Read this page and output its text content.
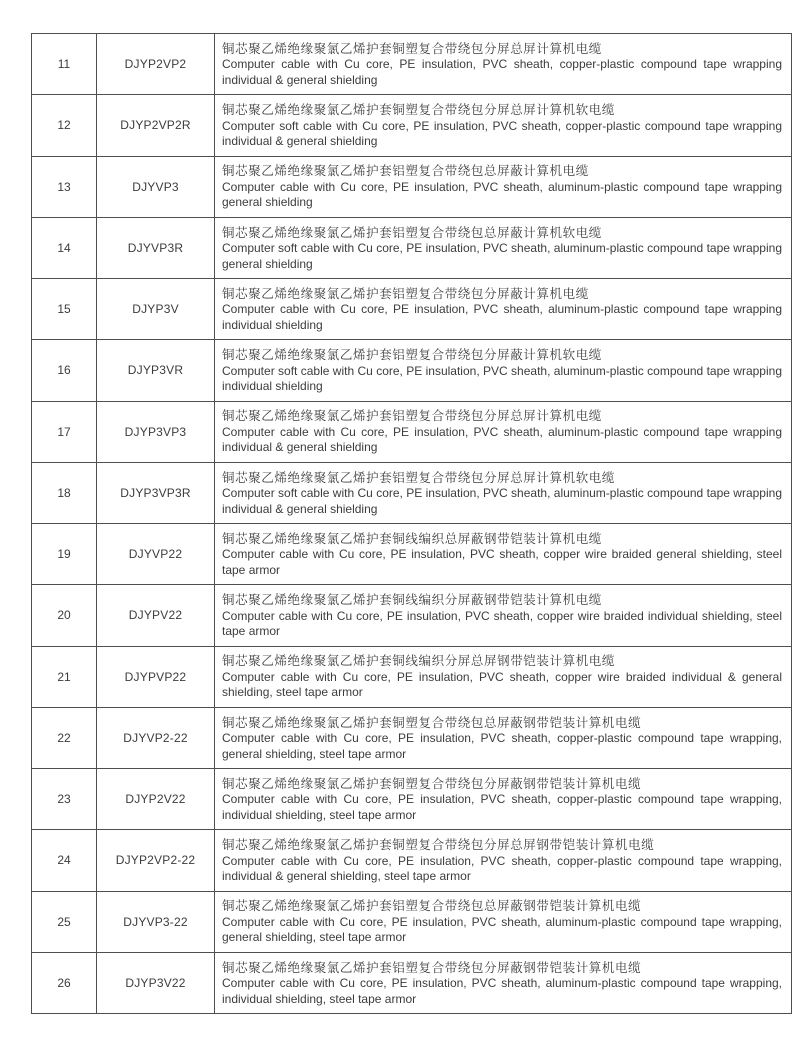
11	DJYP2VP2	铜芯聚乙烯绝缘聚氯乙烯护套铜塑复合带绕包分屏总屏计算机电缆
Computer cable with Cu core, PE insulation, PVC sheath, copper-plastic compound tape wrapping individual & general shielding

12	DJYP2VP2R	铜芯聚乙烯绝缘聚氯乙烯护套铜塑复合带绕包分屏总屏计算机软电缆
Computer soft cable with Cu core, PE insulation, PVC sheath, copper-plastic compound tape wrapping individual & general shielding

13	DJYVP3	铜芯聚乙烯绝缘聚氯乙烯护套铝塑复合带绕包总屏蔽计算机电缆
Computer cable with Cu core, PE insulation, PVC sheath, aluminum-plastic compound tape wrapping general shielding

14	DJYVP3R	铜芯聚乙烯绝缘聚氯乙烯护套铝塑复合带绕包总屏蔽计算机软电缆
Computer soft cable with Cu core, PE insulation, PVC sheath, aluminum-plastic compound tape wrapping general shielding

15	DJYP3V	铜芯聚乙烯绝缘聚氯乙烯护套铝塑复合带绕包分屏蔽计算机电缆
Computer cable with Cu core, PE insulation, PVC sheath, aluminum-plastic compound tape wrapping individual shielding

16	DJYP3VR	铜芯聚乙烯绝缘聚氯乙烯护套铝塑复合带绕包分屏蔽计算机软电缆
Computer soft cable with Cu core, PE insulation, PVC sheath, aluminum-plastic compound tape wrapping individual shielding

17	DJYP3VP3	铜芯聚乙烯绝缘聚氯乙烯护套铝塑复合带绕包分屏总屏计算机电缆
Computer cable with Cu core, PE insulation, PVC sheath, aluminum-plastic compound tape wrapping individual & general shielding

18	DJYP3VP3R	铜芯聚乙烯绝缘聚氯乙烯护套铝塑复合带绕包分屏总屏计算机软电缆
Computer soft cable with Cu core, PE insulation, PVC sheath, aluminum-plastic compound tape wrapping individual & general shielding

19	DJYVP22	铜芯聚乙烯绝缘聚氯乙烯护套铜线编织总屏蔽钢带铠装计算机电缆
Computer cable with Cu core, PE insulation, PVC sheath, copper wire braided general shielding, steel tape armor

20	DJYPV22	铜芯聚乙烯绝缘聚氯乙烯护套铜线编织分屏蔽钢带铠装计算机电缆
Computer cable with Cu core, PE insulation, PVC sheath, copper wire braided individual shielding, steel tape armor

21	DJYPVP22	铜芯聚乙烯绝缘聚氯乙烯护套铜线编织分屏总屏钢带铠装计算机电缆
Computer cable with Cu core, PE insulation, PVC sheath, copper wire braided individual & general shielding, steel tape armor

22	DJYVP2-22	铜芯聚乙烯绝缘聚氯乙烯护套铜塑复合带绕包总屏蔽钢带铠装计算机电缆
Computer cable with Cu core, PE insulation, PVC sheath, copper-plastic compound tape wrapping, general shielding, steel tape armor

23	DJYP2V22	铜芯聚乙烯绝缘聚氯乙烯护套铜塑复合带绕包分屏蔽钢带铠装计算机电缆
Computer cable with Cu core, PE insulation, PVC sheath, copper-plastic compound tape wrapping, individual shielding, steel tape armor

24	DJYP2VP2-22	铜芯聚乙烯绝缘聚氯乙烯护套铜塑复合带绕包分屏总屏钢带铠装计算机电缆
Computer cable with Cu core, PE insulation, PVC sheath, copper-plastic compound tape wrapping, individual & general shielding, steel tape armor

25	DJYVP3-22	铜芯聚乙烯绝缘聚氯乙烯护套铝塑复合带绕包总屏蔽钢带铠装计算机电缆
Computer cable with Cu core, PE insulation, PVC sheath, aluminum-plastic compound tape wrapping, general shielding, steel tape armor

26	DJYP3V22	铜芯聚乙烯绝缘聚氯乙烯护套铝塑复合带绕包分屏蔽钢带铠装计算机电缆
Computer cable with Cu core, PE insulation, PVC sheath, aluminum-plastic compound tape wrapping, individual shielding, steel tape armor
